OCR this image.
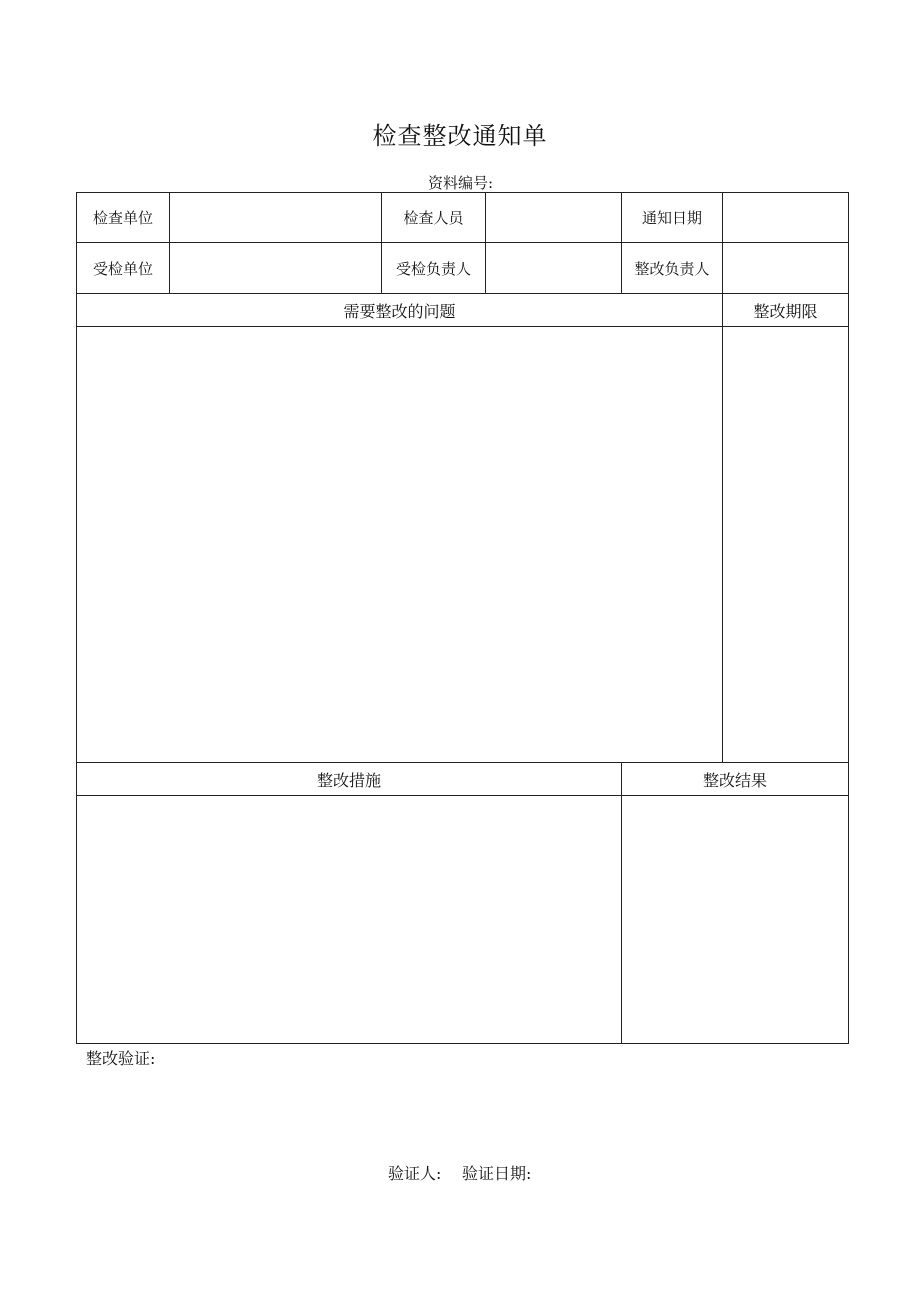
检查整改通知单
资料编号:
检查单位	检查人员	通知日期
受检单位	受检负责人	整改负责人
需要整改的问题	整改期限
整改措施	整改结果
整改验证:
验证人: 验证日期:
